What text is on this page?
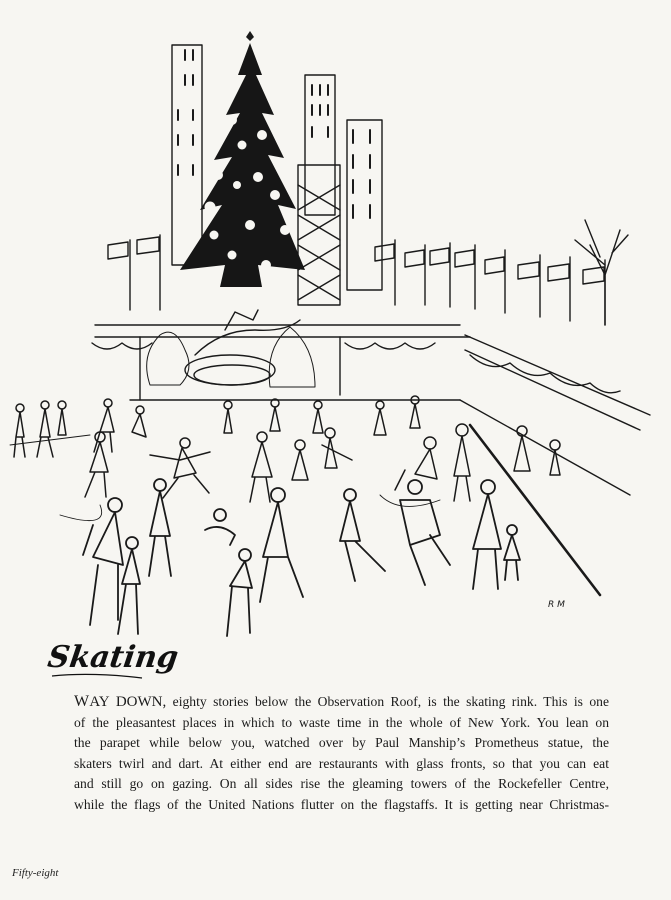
R M
Skating
WAY DOWN, eighty stories below the Observation Roof, is the skating rink. This is one
of the pleasantest places in which to waste time in the whole of New York. You lean on
the parapet while below you, watched over by Paul Manship’s Prometheus statue, the
skaters twirl and dart. At either end are restaurants with glass fronts, so that you can eat
and still go on gazing. On all sides rise the gleaming towers of the Rockefeller Centre,
while the flags of the United Nations flutter on the flagstaffs. It is getting near Christmas-
Fifty-eight
